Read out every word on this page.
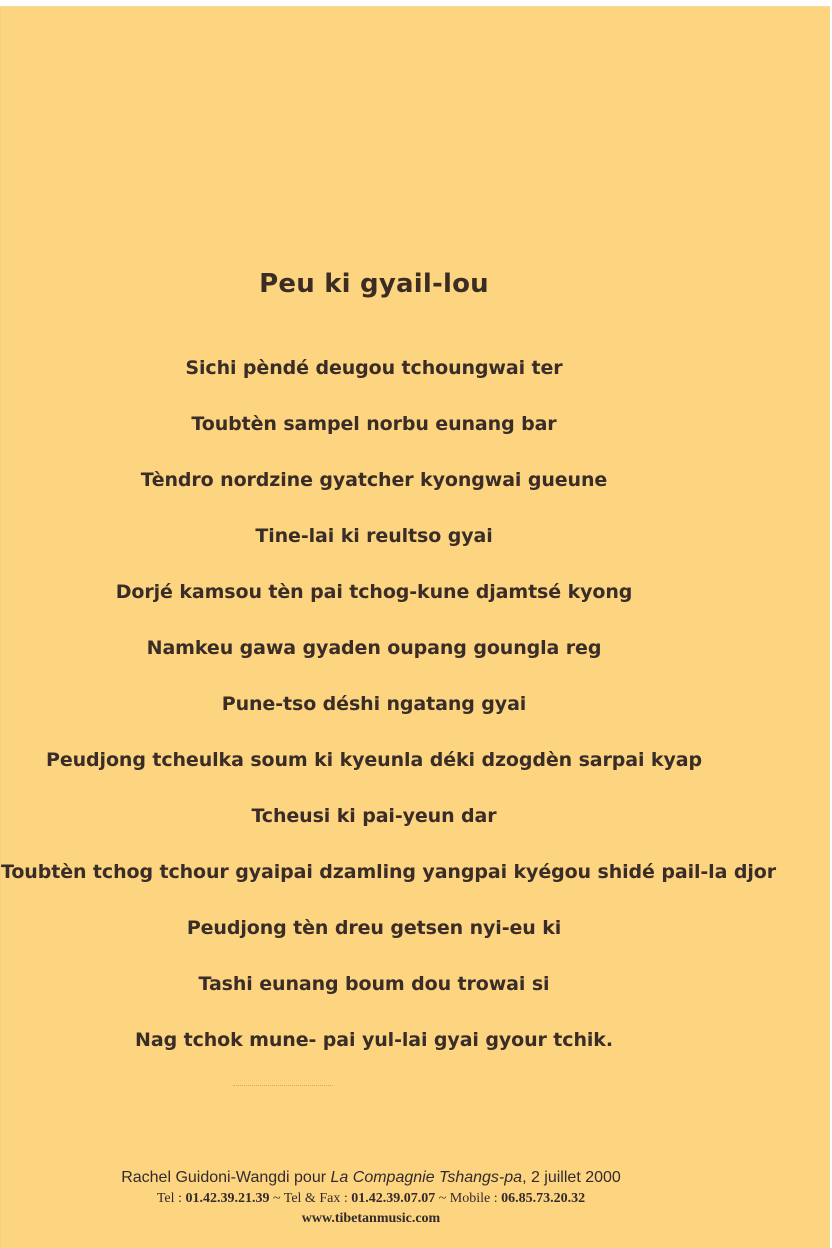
Peu ki gyail-lou
Sichi pèndé deugou tchoungwai ter
Toubtèn sampel norbu eunang bar
Tèndro nordzine gyatcher kyongwai gueune
Tine-lai ki reultso gyai
Dorjé kamsou tèn pai tchog-kune djamtsé kyong
Namkeu gawa gyaden oupang goungla reg
Pune-tso déshi ngatang gyai
Peudjong tcheulka soum ki kyeunla déki dzogdèn sarpai kyap
Tcheusi ki pai-yeun dar
Toubtèn tchog tchour gyaipai dzamling yangpai kyégou shidé pail-la djor
Peudjong tèn dreu getsen nyi-eu ki
Tashi eunang boum dou trowai si
Nag tchok mune- pai yul-lai gyai gyour tchik.
Rachel Guidoni-Wangdi pour La Compagnie Tshangs-pa, 2 juillet 2000
Tel : 01.42.39.21.39 ~ Tel & Fax : 01.42.39.07.07 ~ Mobile : 06.85.73.20.32
www.tibetanmusic.com
